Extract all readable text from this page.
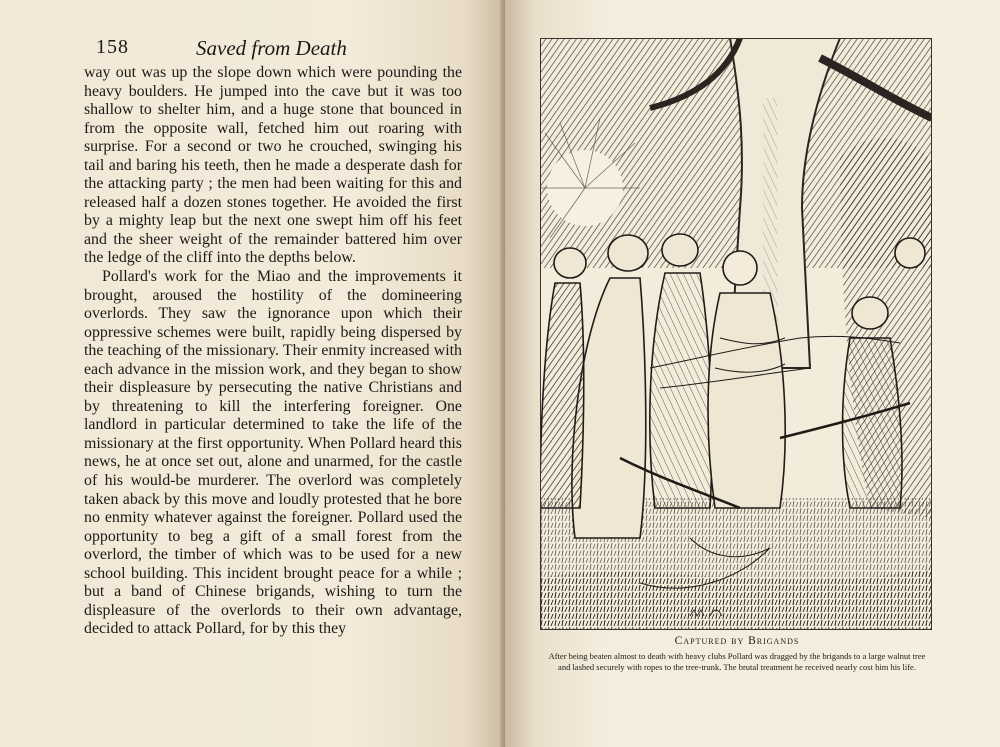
158	Saved from Death

way out was up the slope down which were pounding the heavy boulders. He jumped into the cave but it was too shallow to shelter him, and a huge stone that bounced in from the opposite wall, fetched him out roaring with surprise. For a second or two he crouched, swinging his tail and baring his teeth, then he made a desperate dash for the attacking party ; the men had been waiting for this and released half a dozen stones together. He avoided the first by a mighty leap but the next one swept him off his feet and the sheer weight of the remainder battered him over the ledge of the cliff into the depths below.

Pollard's work for the Miao and the improvements it brought, aroused the hostility of the domineering overlords. They saw the ignorance upon which their oppressive schemes were built, rapidly being dispersed by the teaching of the missionary. Their enmity increased with each advance in the mission work, and they began to show their displeasure by persecuting the native Christians and by threatening to kill the interfering foreigner. One landlord in particular determined to take the life of the missionary at the first opportunity. When Pollard heard this news, he at once set out, alone and unarmed, for the castle of his would-be murderer. The overlord was completely taken aback by this move and loudly protested that he bore no enmity whatever against the foreigner. Pollard used the opportunity to beg a gift of a small forest from the overlord, the timber of which was to be used for a new school building. This incident brought peace for a while ; but a band of Chinese brigands, wishing to turn the displeasure of the overlords to their own advantage, decided to attack Pollard, for by this they

Captured by Brigands
After being beaten almost to death with heavy clubs Pollard was dragged by the brigands to a large walnut tree and lashed securely with ropes to the tree-trunk. The brutal treatment he received nearly cost him his life.
